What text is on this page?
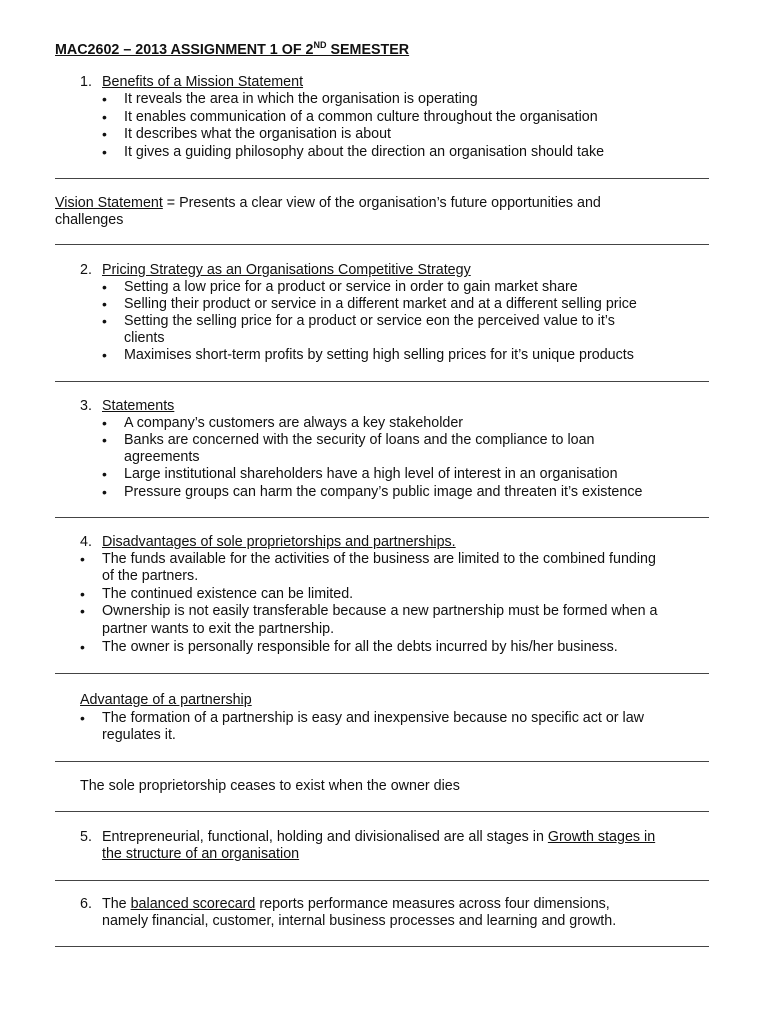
MAC2602 – 2013 ASSIGNMENT 1 OF 2ND SEMESTER
1. Benefits of a Mission Statement
• It reveals the area in which the organisation is operating
• It enables communication of a common culture throughout the organisation
• It describes what the organisation is about
• It gives a guiding philosophy about the direction an organisation should take
Vision Statement = Presents a clear view of the organisation’s future opportunities and
challenges
2. Pricing Strategy as an Organisations Competitive Strategy
• Setting a low price for a product or service in order to gain market share
• Selling their product or service in a different market and at a different selling price
• Setting the selling price for a product or service eon the perceived value to it’s
clients
• Maximises short-term profits by setting high selling prices for it’s unique products
3. Statements
• A company’s customers are always a key stakeholder
• Banks are concerned with the security of loans and the compliance to loan
agreements
• Large institutional shareholders have a high level of interest in an organisation
• Pressure groups can harm the company’s public image and threaten it’s existence
4. Disadvantages of sole proprietorships and partnerships.
• The funds available for the activities of the business are limited to the combined funding
of the partners.
• The continued existence can be limited.
• Ownership is not easily transferable because a new partnership must be formed when a
partner wants to exit the partnership.
• The owner is personally responsible for all the debts incurred by his/her business.
Advantage of a partnership
• The formation of a partnership is easy and inexpensive because no specific act or law
regulates it.
The sole proprietorship ceases to exist when the owner dies
5. Entrepreneurial, functional, holding and divisionalised are all stages in Growth stages in
the structure of an organisation
6. The balanced scorecard reports performance measures across four dimensions,
namely financial, customer, internal business processes and learning and growth.
